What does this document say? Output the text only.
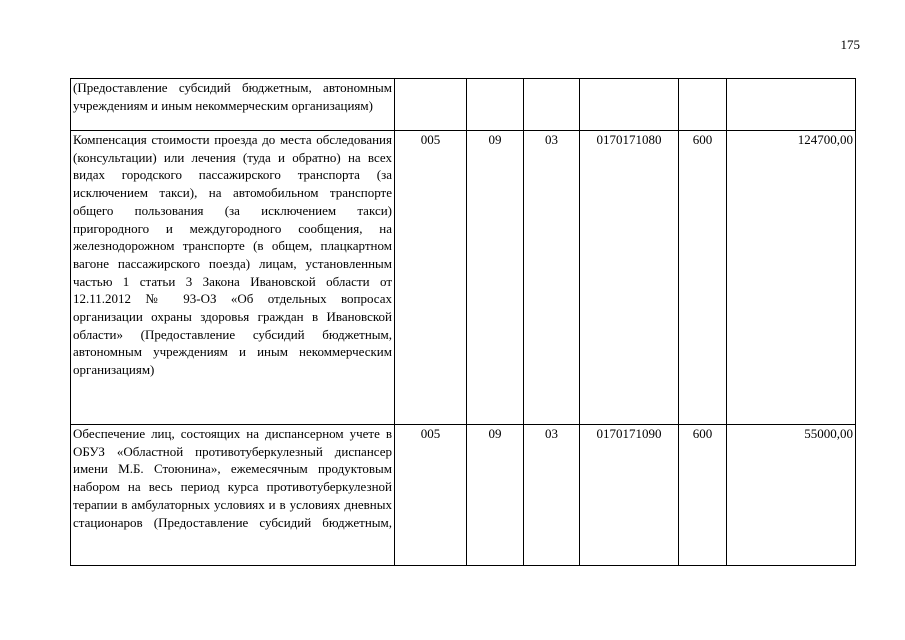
175
(Предоставление субсидий бюджетным, автономным учреждениям и иным некоммерческим организациям)						

Компенсация стоимости проезда до места обследования (консультации) или лечения (туда и обратно) на всех видах городского пассажирского транспорта (за исключением такси), на автомобильном транспорте общего пользования (за исключением такси) пригородного и междугородного сообщения, на железнодорожном транспорте (в общем, плацкартном вагоне пассажирского поезда) лицам, установленным частью 1 статьи 3 Закона Ивановской области от 12.11.2012 № 93-ОЗ «Об отдельных вопросах организации охраны здоровья граждан в Ивановской области» (Предоставление субсидий бюджетным, автономным учреждениям и иным некоммерческим организациям)	005	09	03	0170171080	600	124700,00

Обеспечение лиц, состоящих на диспансерном учете в ОБУЗ «Областной противотуберкулезный диспансер имени М.Б. Стоюнина», ежемесячным продуктовым набором на весь период курса противотуберкулезной терапии в амбулаторных условиях и в условиях дневных стационаров (Предоставление субсидий бюджетным,	005	09	03	0170171090	600	55000,00
